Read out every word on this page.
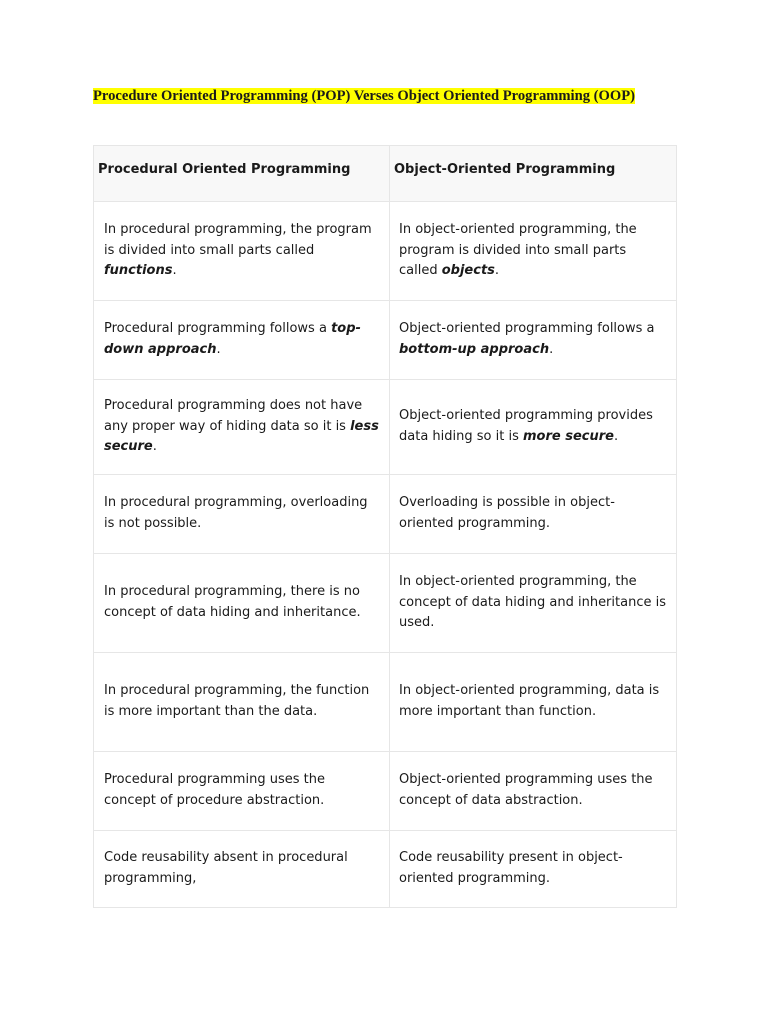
Procedure Oriented Programming (POP) Verses Object Oriented Programming (OOP)
Procedural Oriented Programming	Object-Oriented Programming
In procedural programming, the program is divided into small parts called functions.	In object-oriented programming, the program is divided into small parts called objects.
Procedural programming follows a top-down approach.	Object-oriented programming follows a bottom-up approach.
Procedural programming does not have any proper way of hiding data so it is less secure.	Object-oriented programming provides data hiding so it is more secure.
In procedural programming, overloading is not possible.	Overloading is possible in object-oriented programming.
In procedural programming, there is no concept of data hiding and inheritance.	In object-oriented programming, the concept of data hiding and inheritance is used.
In procedural programming, the function is more important than the data.	In object-oriented programming, data is more important than function.
Procedural programming uses the concept of procedure abstraction.	Object-oriented programming uses the concept of data abstraction.
Code reusability absent in procedural programming,	Code reusability present in object-oriented programming.
